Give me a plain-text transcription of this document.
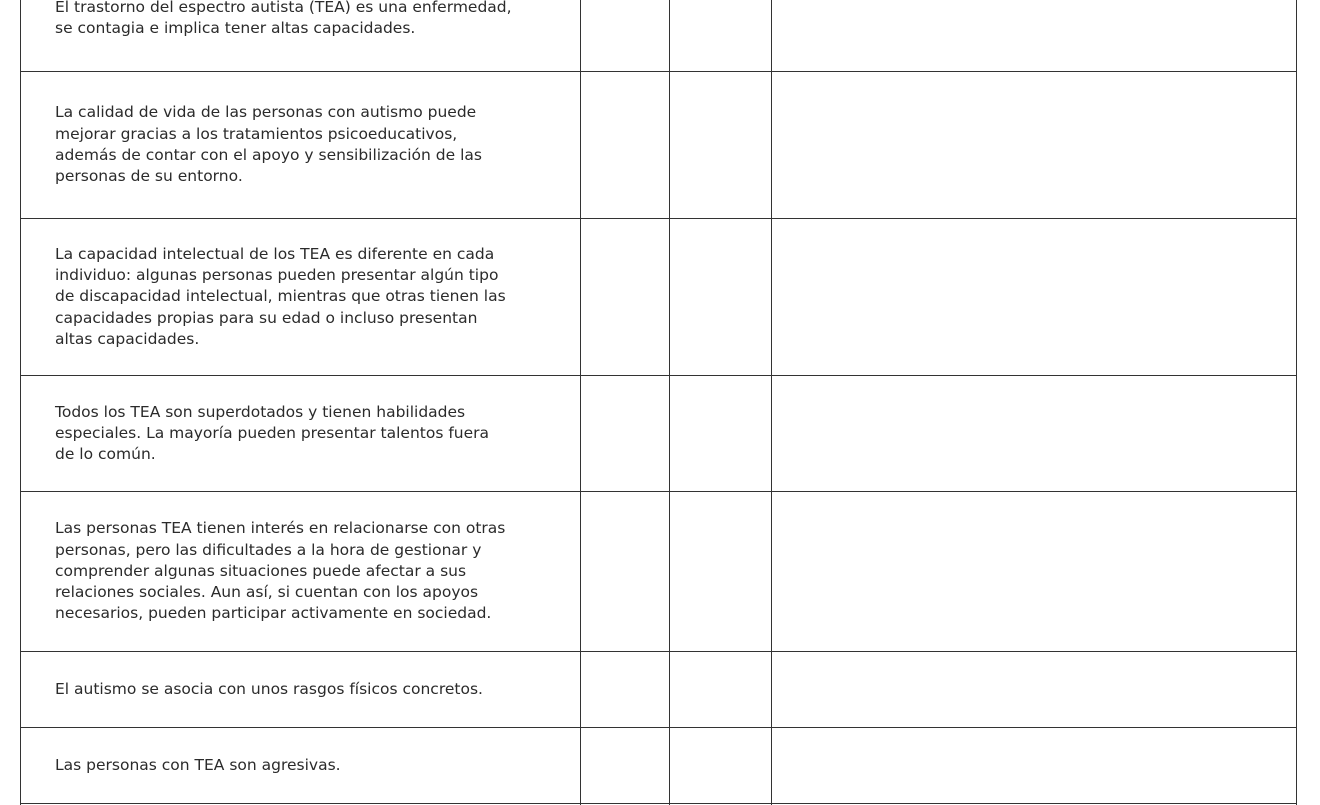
El trastorno del espectro autista (TEA) es una enfermedad,
se contagia e implica tener altas capacidades.			

La calidad de vida de las personas con autismo puede
mejorar gracias a los tratamientos psicoeducativos,
además de contar con el apoyo y sensibilización de las
personas de su entorno.			

La capacidad intelectual de los TEA es diferente en cada
individuo: algunas personas pueden presentar algún tipo
de discapacidad intelectual, mientras que otras tienen las
capacidades propias para su edad o incluso presentan
altas capacidades.			

Todos los TEA son superdotados y tienen habilidades
especiales. La mayoría pueden presentar talentos fuera
de lo común.			

Las personas TEA tienen interés en relacionarse con otras
personas, pero las dificultades a la hora de gestionar y
comprender algunas situaciones puede afectar a sus
relaciones sociales. Aun así, si cuentan con los apoyos
necesarios, pueden participar activamente en sociedad.			

El autismo se asocia con unos rasgos físicos concretos.			

Las personas con TEA son agresivas.			
